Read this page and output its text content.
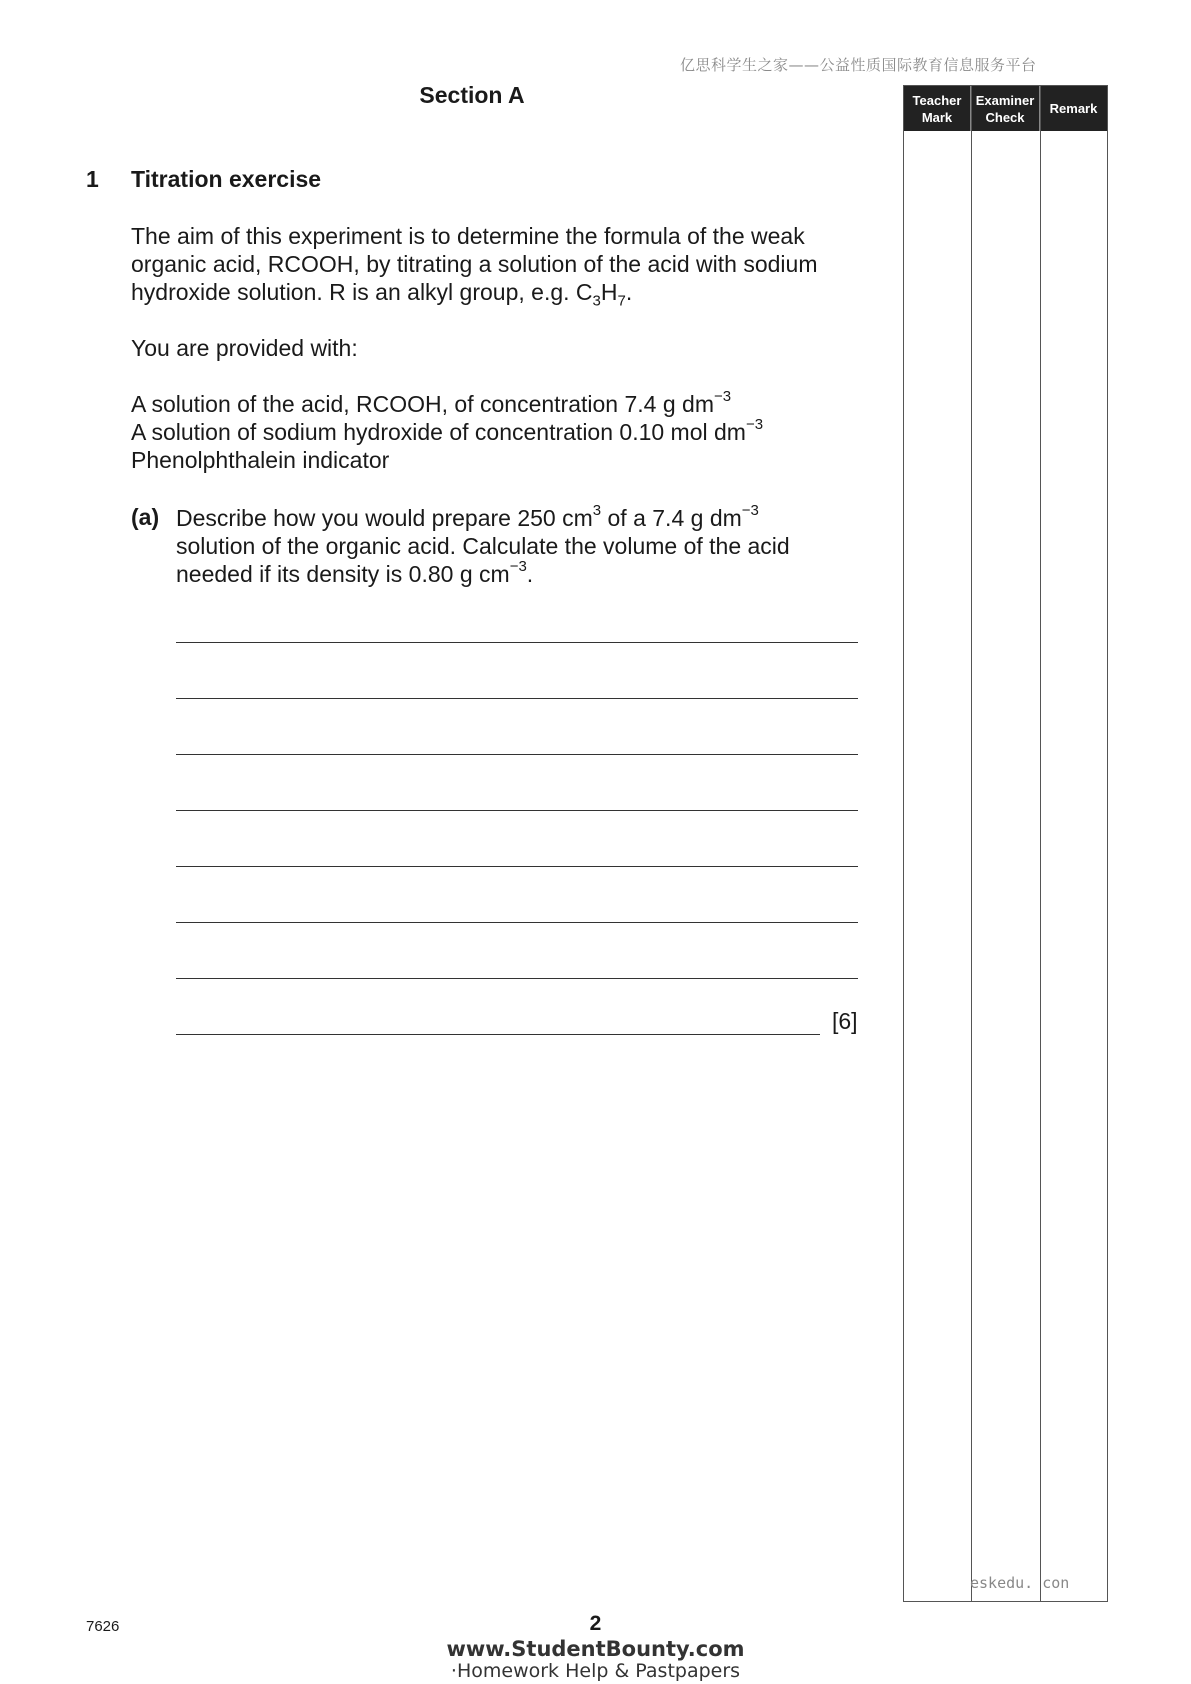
亿思科学生之家——公益性质国际教育信息服务平台
Section A	Teacher Mark
Examiner Check
Remark
1 Titration exercise

The aim of this experiment is to determine the formula of the weak

organic acid, RCOOH, by titrating a solution of the acid with sodium

hydroxide solution. R is an alkyl group, e.g. $C_3H_7$.

You are provided with:

A solution of the acid, RCOOH, of concentration 7.4 g $dm^{-3}$

A solution of sodium hydroxide of concentration 0.10 mol $dm^{-3}$

Phenolphthalein indicator

(a) Describe how you would prepare 250 $cm^3$ of a 7.4 g $dm^{-3}$
solution of the organic acid. Calculate the volume of the acid
needed if its density is 0.80 g $cm^{-3}$.
[6]
eskedu. con
7626	2
www.StudentBounty.com
·Homework Help & Pastpapers
